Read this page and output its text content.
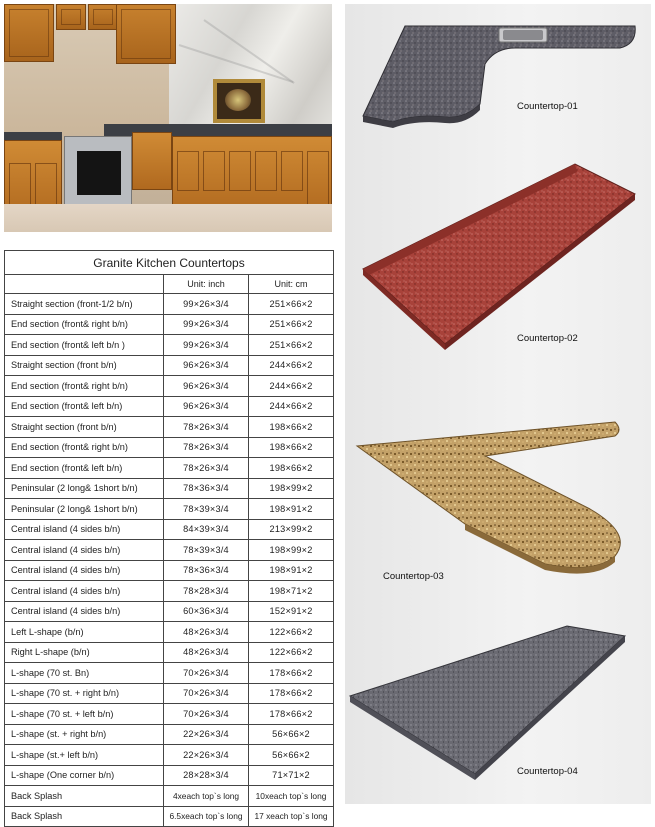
Granite Kitchen Countertops		
	Unit: inch	Unit: cm
Straight section (front-1/2 b/n)	99×26×3/4	251×66×2
End section (front& right b/n)	99×26×3/4	251×66×2
End section (front& left b/n )	99×26×3/4	251×66×2
Straight section (front b/n)	96×26×3/4	244×66×2
End section (front& right b/n)	96×26×3/4	244×66×2
End section (front& left b/n)	96×26×3/4	244×66×2
Straight section (front b/n)	78×26×3/4	198×66×2
End section (front& right b/n)	78×26×3/4	198×66×2
End section (front& left b/n)	78×26×3/4	198×66×2
Peninsular (2 long& 1short b/n)	78×36×3/4	198×99×2
Peninsular (2 long& 1short b/n)	78×39×3/4	198×91×2
Central island (4 sides b/n)	84×39×3/4	213×99×2
Central island (4 sides b/n)	78×39×3/4	198×99×2
Central island (4 sides b/n)	78×36×3/4	198×91×2
Central island (4 sides b/n)	78×28×3/4	198×71×2
Central island (4 sides b/n)	60×36×3/4	152×91×2
Left L-shape (b/n)	48×26×3/4	122×66×2
Right L-shape (b/n)	48×26×3/4	122×66×2
L-shape (70 st. Bn)	70×26×3/4	178×66×2
L-shape (70 st. + right b/n)	70×26×3/4	178×66×2
L-shape (70 st. + left b/n)	70×26×3/4	178×66×2
L-shape (st. + right b/n)	22×26×3/4	56×66×2
L-shape (st.+ left b/n)	22×26×3/4	56×66×2
L-shape (One corner b/n)	28×28×3/4	71×71×2
Back Splash	4xeach top`s long	10xeach top`s long
Back Splash	6.5xeach top`s long	17 xeach top`s long
Countertop-01
Countertop-02
Countertop-03
Countertop-04
